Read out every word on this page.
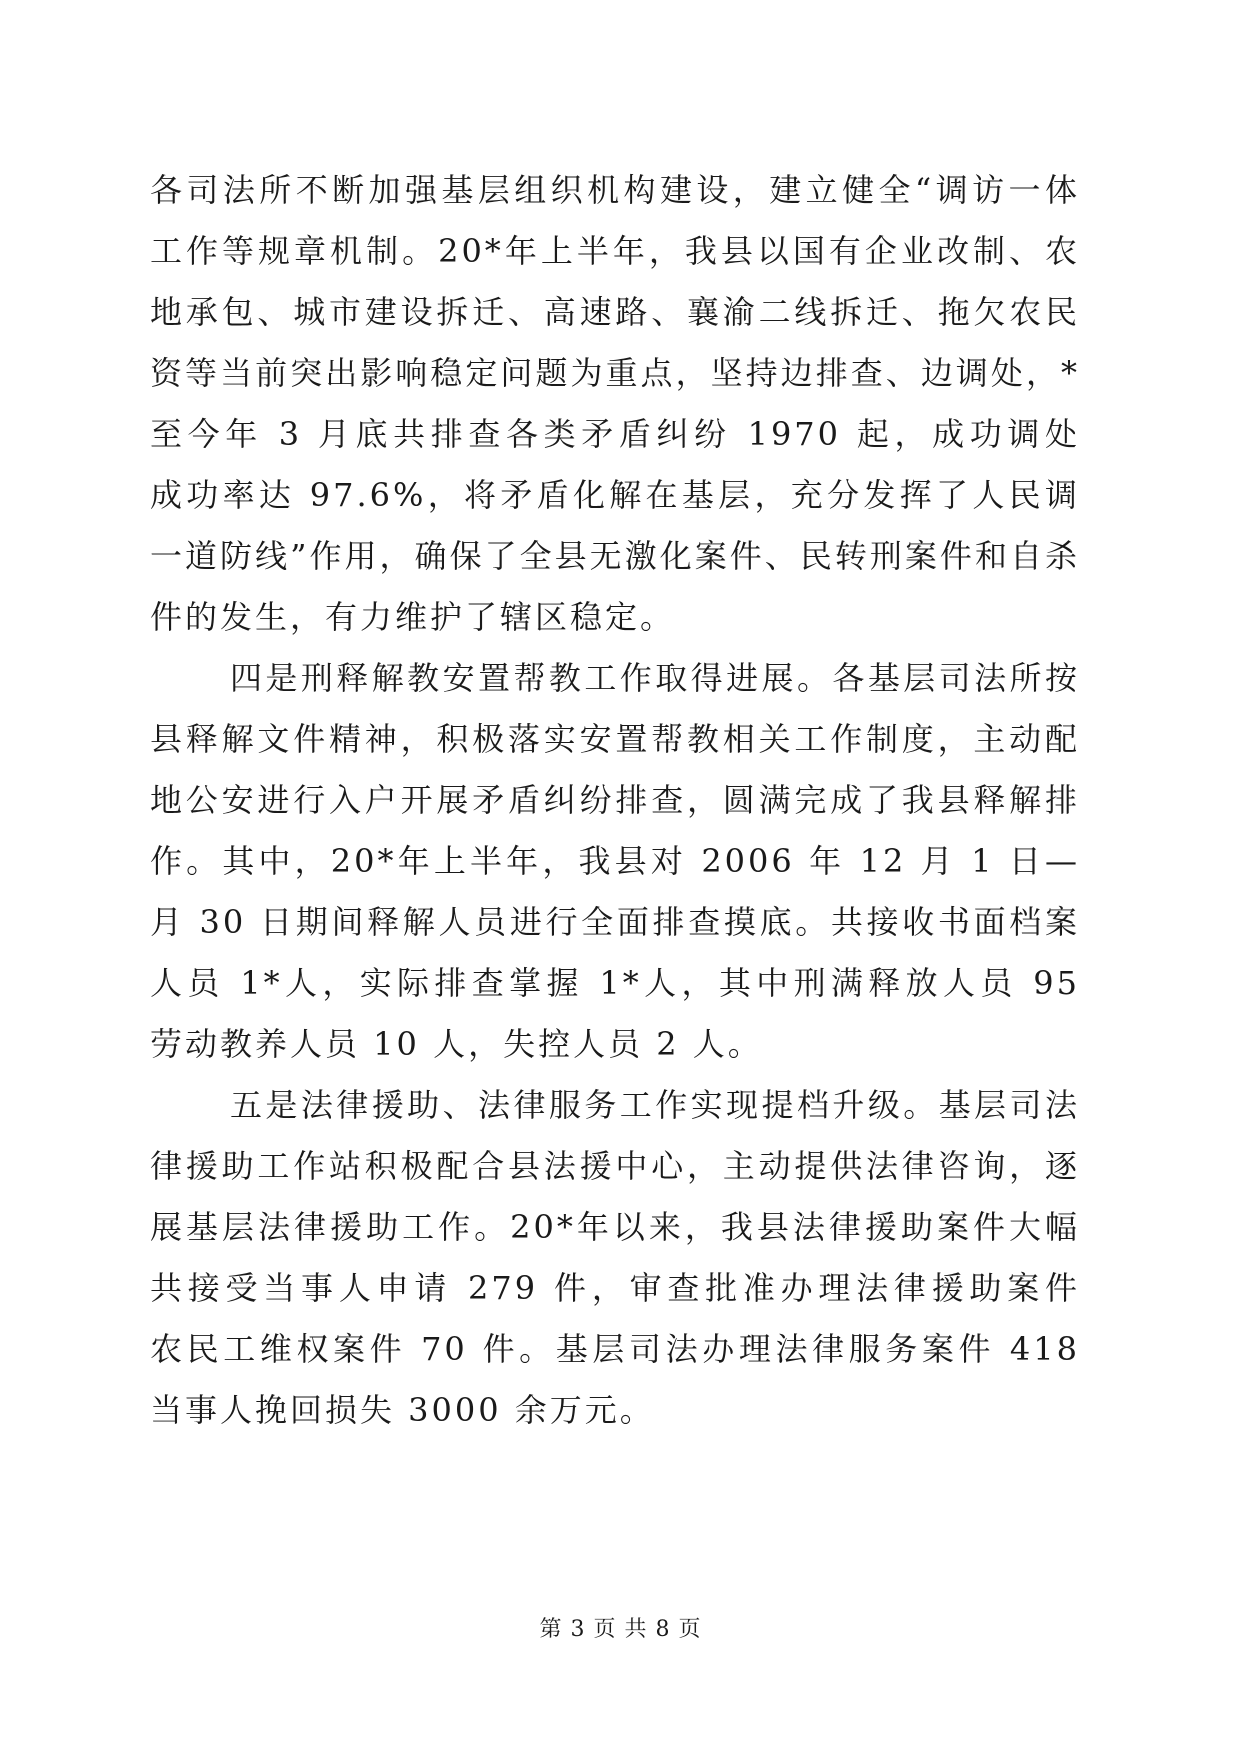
各司法所不断加强基层组织机构建设，建立健全“调访一体
工作等规章机制。20*年上半年，我县以国有企业改制、农
地承包、城市建设拆迁、高速路、襄渝二线拆迁、拖欠农民
资等当前突出影响稳定问题为重点，坚持边排查、边调处，*
至今年 3 月底共排查各类矛盾纠纷 1970 起，成功调处
成功率达 97.6%，将矛盾化解在基层，充分发挥了人民调
一道防线”作用，确保了全县无激化案件、民转刑案件和自杀
件的发生，有力维护了辖区稳定。
四是刑释解教安置帮教工作取得进展。各基层司法所按
县释解文件精神，积极落实安置帮教相关工作制度，主动配
地公安进行入户开展矛盾纠纷排查，圆满完成了我县释解排
作。其中，20*年上半年，我县对 2006 年 12 月 1 日—
月 30 日期间释解人员进行全面排查摸底。共接收书面档案
人员 1*人，实际排查掌握 1*人，其中刑满释放人员 95
劳动教养人员 10 人，失控人员 2 人。
五是法律援助、法律服务工作实现提档升级。基层司法
律援助工作站积极配合县法援中心，主动提供法律咨询，逐
展基层法律援助工作。20*年以来，我县法律援助案件大幅
共接受当事人申请 279 件，审查批准办理法律援助案件
农民工维权案件 70 件。基层司法办理法律服务案件 418
当事人挽回损失 3000 余万元。
第 3 页 共 8 页
